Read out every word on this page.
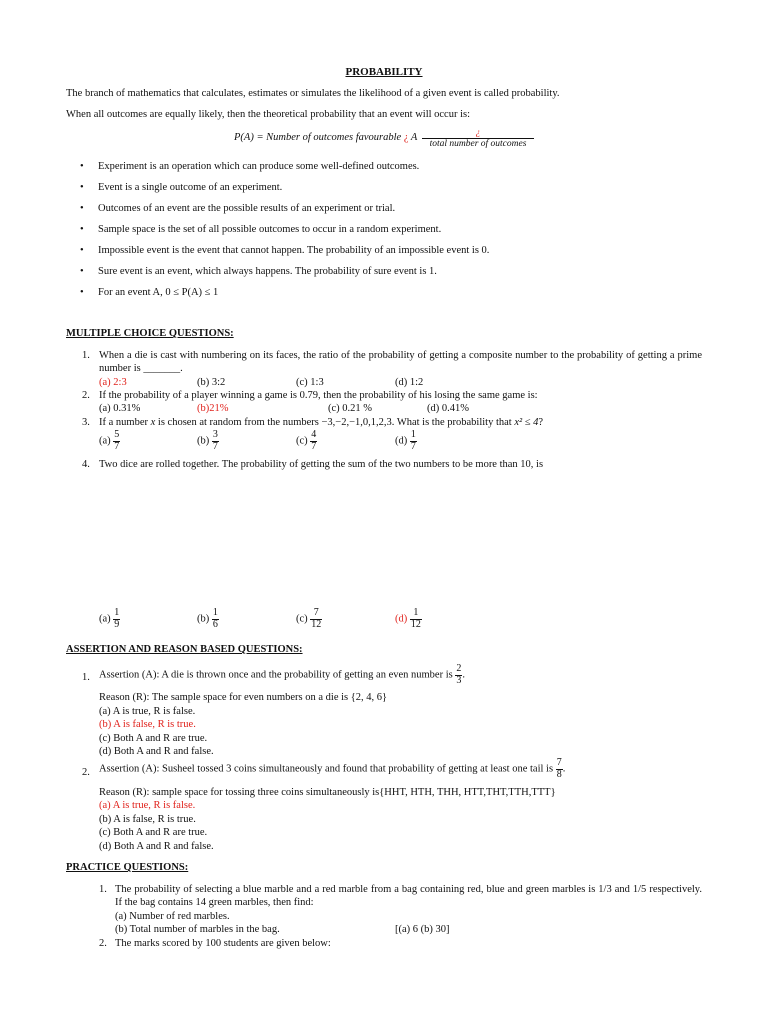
PROBABILITY
The branch of mathematics that calculates, estimates or simulates the likelihood of a given event is called probability.
When all outcomes are equally likely, then the theoretical probability that an event will occur is:
P(A) = Number of outcomes favourable ¿ A	¿
total number of outcomes
• Experiment is an operation which can produce some well-defined outcomes.
• Event is a single outcome of an experiment.
• Outcomes of an event are the possible results of an experiment or trial.
• Sample space is the set of all possible outcomes to occur in a random experiment.
• Impossible event is the event that cannot happen. The probability of an impossible event is 0.
• Sure event is an event, which always happens. The probability of sure event is 1.
• For an event A, 0 ≤ P(A) ≤ 1
MULTIPLE CHOICE QUESTIONS:
1. When a die is cast with numbering on its faces, the ratio of the probability of getting a composite number to the probability of getting a prime number is _______.
(a) 2:3	(b) 3:2	(c) 1:3	(d) 1:2
2. If the probability of a player winning a game is 0.79, then the probability of his losing the same game is:
(a) 0.31%	(b)21%	(c) 0.21 %	(d) 0.41%
3. If a number x is chosen at random from the numbers −3,−2,−1,0,1,2,3. What is the probability that x² ≤ 4?
$(a) \frac{5}{7}$	$(b) \frac{3}{7}$	$(c) \frac{4}{7}$	$(d) \frac{1}{7}$
4. Two dice are rolled together. The probability of getting the sum of the two numbers to be more than 10, is
$(a) \frac{1}{9}$	$(b) \frac{1}{6}$	$(c) \frac{7}{12}$	$(d) \frac{1}{12}$
ASSERTION AND REASON BASED QUESTIONS:
1. Assertion (A): A die is thrown once and the probability of getting an even number is $\frac{2}{3}$ .
Reason (R): The sample space for even numbers on a die is {2, 4, 6}
(a) A is true, R is false.
(b) A is false, R is true.
(c) Both A and R are true.
(d) Both A and R and false.
2. Assertion (A): Susheel tossed 3 coins simultaneously and found that probability of getting at least one tail is $\frac{7}{8}$ .
Reason (R): sample space for tossing three coins simultaneously is{HHT, HTH, THH, HTT,THT,TTH,TTT}
(a) A is true, R is false.
(b) A is false, R is true.
(c) Both A and R are true.
(d) Both A and R and false.
PRACTICE QUESTIONS:
1. The probability of selecting a blue marble and a red marble from a bag containing red, blue and green marbles is 1/3 and 1/5 respectively. If the bag contains 14 green marbles, then find:
(a) Number of red marbles.
(b) Total number of marbles in the bag.	[(a) 6 (b) 30]
2. The marks scored by 100 students are given below:
